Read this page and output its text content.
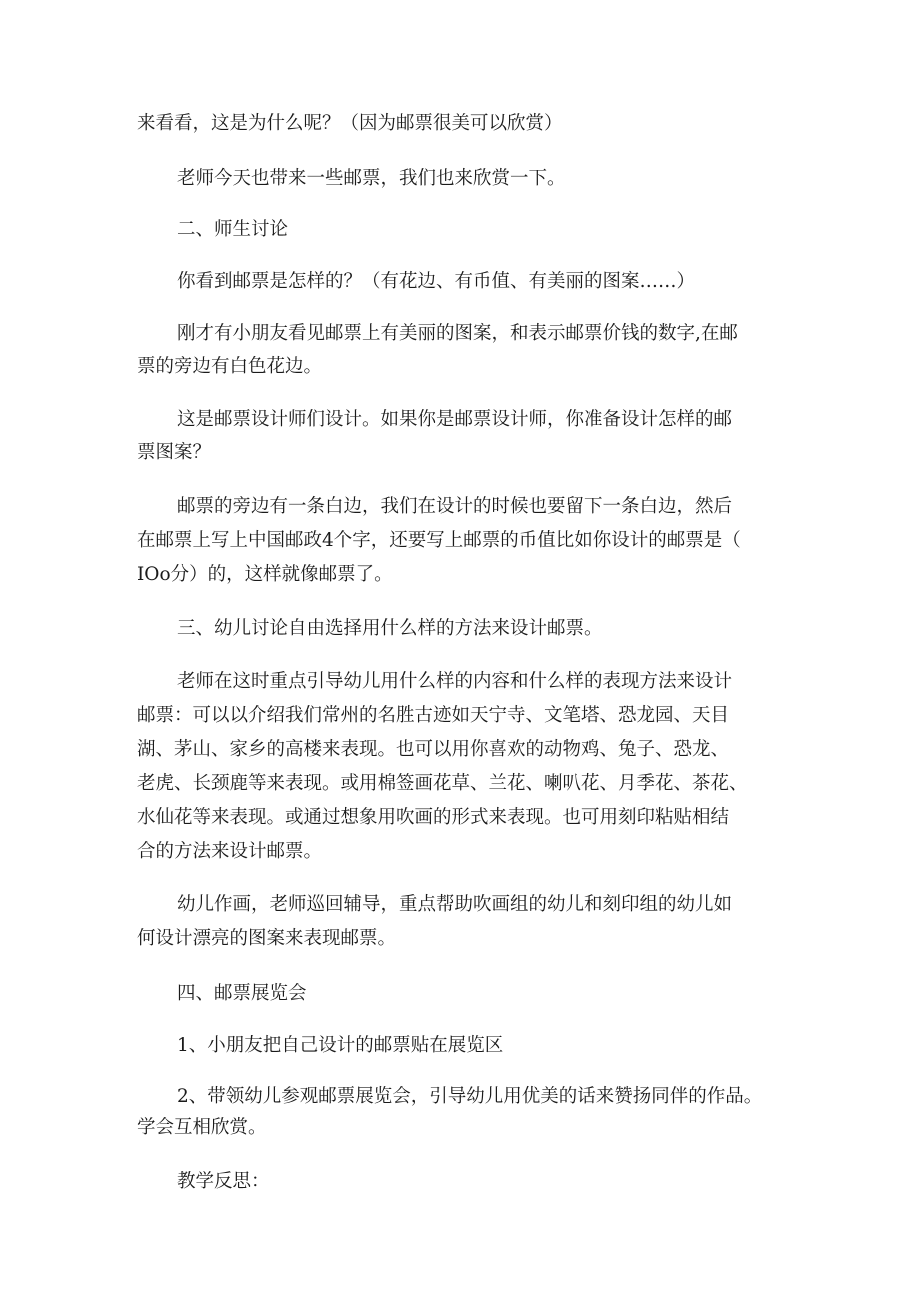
来看看，这是为什么呢？（因为邮票很美可以欣赏）
老师今天也带来一些邮票，我们也来欣赏一下。
二、师生讨论
你看到邮票是怎样的？（有花边、有币值、有美丽的图案……）
刚才有小朋友看见邮票上有美丽的图案，和表示邮票价钱的数字,在邮
票的旁边有白色花边。
这是邮票设计师们设计。如果你是邮票设计师，你准备设计怎样的邮
票图案？
邮票的旁边有一条白边，我们在设计的时候也要留下一条白边，然后
在邮票上写上中国邮政4个字，还要写上邮票的币值比如你设计的邮票是（
IOo分）的，这样就像邮票了。
三、幼儿讨论自由选择用什么样的方法来设计邮票。
老师在这时重点引导幼儿用什么样的内容和什么样的表现方法来设计
邮票：可以以介绍我们常州的名胜古迹如天宁寺、文笔塔、恐龙园、天目
湖、茅山、家乡的高楼来表现。也可以用你喜欢的动物鸡、兔子、恐龙、
老虎、长颈鹿等来表现。或用棉签画花草、兰花、喇叭花、月季花、茶花、
水仙花等来表现。或通过想象用吹画的形式来表现。也可用刻印粘贴相结
合的方法来设计邮票。
幼儿作画，老师巡回辅导，重点帮助吹画组的幼儿和刻印组的幼儿如
何设计漂亮的图案来表现邮票。
四、邮票展览会
1、小朋友把自己设计的邮票贴在展览区
2、带领幼儿参观邮票展览会，引导幼儿用优美的话来赞扬同伴的作品。
学会互相欣赏。
教学反思：
